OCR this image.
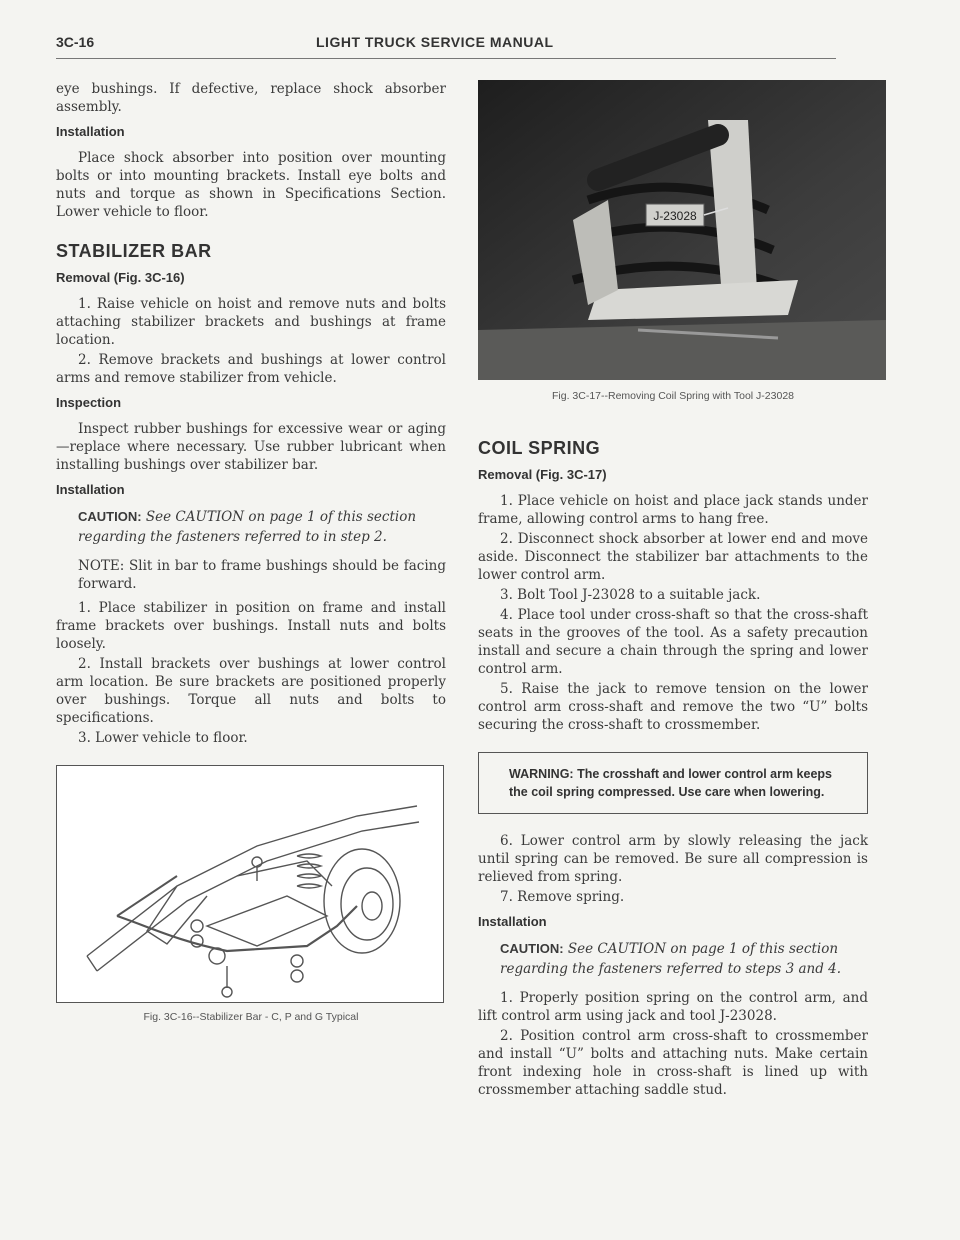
3C-16	LIGHT TRUCK SERVICE MANUAL

eye bushings. If defective, replace shock absorber assembly.

Installation

Place shock absorber into position over mounting bolts or into mounting brackets. Install eye bolts and nuts and torque as shown in Specifications Section. Lower vehicle to floor.

STABILIZER BAR
Removal (Fig. 3C-16)

1. Raise vehicle on hoist and remove nuts and bolts attaching stabilizer brackets and bushings at frame location.

2. Remove brackets and bushings at lower control arms and remove stabilizer from vehicle.

Inspection

Inspect rubber bushings for excessive wear or aging—replace where necessary. Use rubber lubricant when installing bushings over stabilizer bar.

Installation
CAUTION: See CAUTION on page 1 of this section regarding the fasteners referred to in step 2.

NOTE: Slit in bar to frame bushings should be facing forward.

1. Place stabilizer in position on frame and install frame brackets over bushings. Install nuts and bolts loosely.

2. Install brackets over bushings at lower control arm location. Be sure brackets are positioned properly over bushings. Torque all nuts and bolts to specifications.

3. Lower vehicle to floor.

Fig. 3C-16--Stabilizer Bar - C, P and G Typical
J-23028
Fig. 3C-17--Removing Coil Spring with Tool J-23028
COIL SPRING
Removal (Fig. 3C-17)

1. Place vehicle on hoist and place jack stands under frame, allowing control arms to hang free.

2. Disconnect shock absorber at lower end and move aside. Disconnect the stabilizer bar attachments to the lower control arm.

3. Bolt Tool J-23028 to a suitable jack.

4. Place tool under cross-shaft so that the cross-shaft seats in the grooves of the tool. As a safety precaution install and secure a chain through the spring and lower control arm.

5. Raise the jack to remove tension on the lower control arm cross-shaft and remove the two “U” bolts securing the cross-shaft to crossmember.

WARNING: The crosshaft and lower control arm keeps the coil spring compressed. Use care when lowering.

6. Lower control arm by slowly releasing the jack until spring can be removed. Be sure all compression is relieved from spring.

7. Remove spring.

Installation
CAUTION: See CAUTION on page 1 of this section regarding the fasteners referred to steps 3 and 4.

1. Properly position spring on the control arm, and lift control arm using jack and tool J-23028.

2. Position control arm cross-shaft to crossmember and install “U” bolts and attaching nuts. Make certain front indexing hole in cross-shaft is lined up with crossmember attaching saddle stud.
